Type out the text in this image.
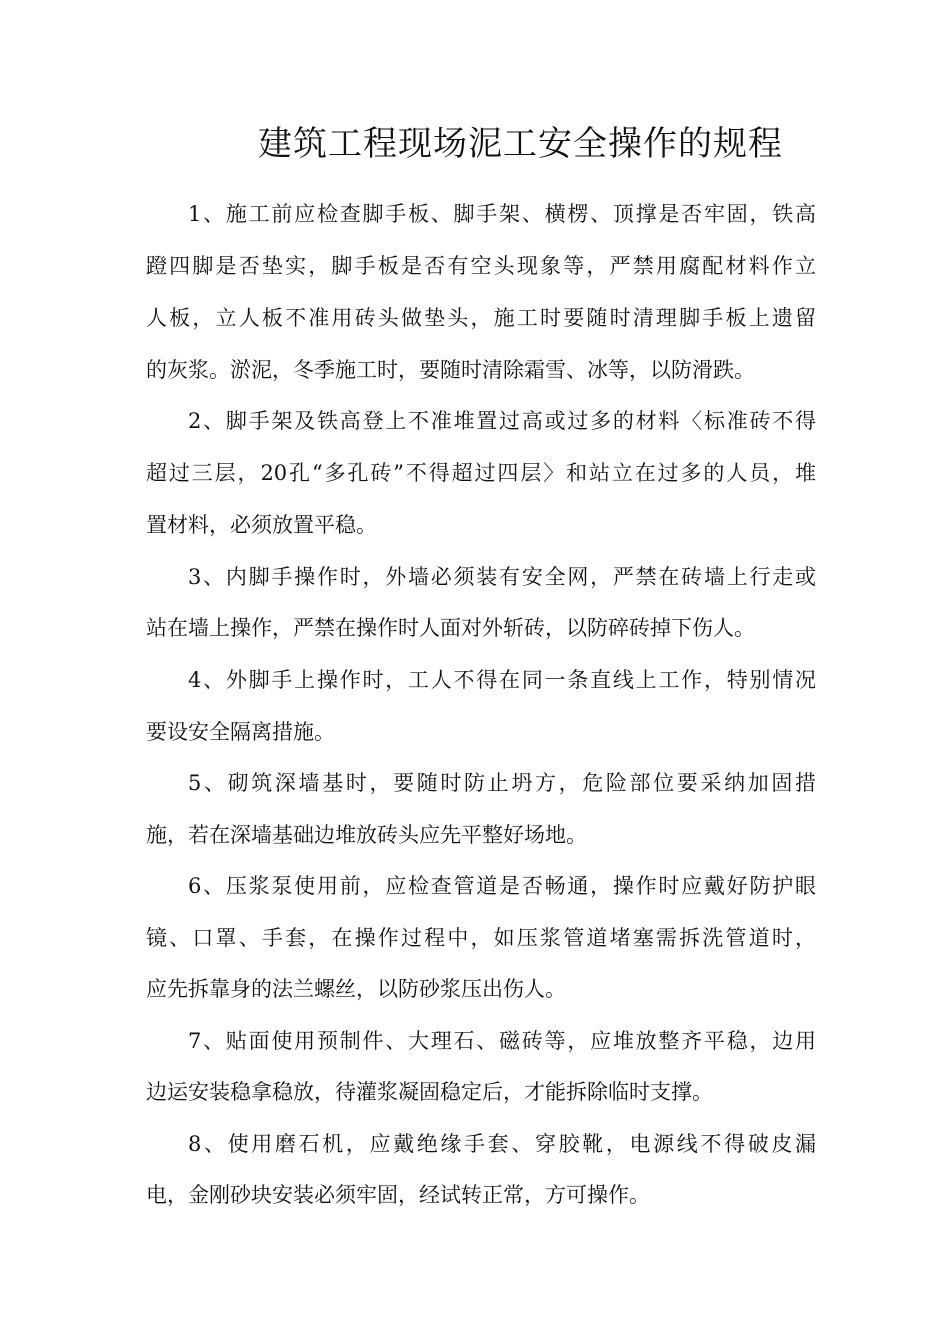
建筑工程现场泥工安全操作的规程
1、施工前应检查脚手板、脚手架、横楞、顶撑是否牢固，铁高
蹬四脚是否垫实，脚手板是否有空头现象等，严禁用腐配材料作立
人板，立人板不准用砖头做垫头，施工时要随时清理脚手板上遗留
的灰浆。淤泥，冬季施工时，要随时清除霜雪、冰等，以防滑跌。
2、脚手架及铁高登上不准堆置过高或过多的材料〈标准砖不得
超过三层，20孔“多孔砖”不得超过四层〉和站立在过多的人员，堆
置材料，必须放置平稳。
3、内脚手操作时，外墙必须装有安全网，严禁在砖墙上行走或
站在墙上操作，严禁在操作时人面对外斩砖，以防碎砖掉下伤人。
4、外脚手上操作时，工人不得在同一条直线上工作，特别情况
要设安全隔离措施。
5、砌筑深墙基时，要随时防止坍方，危险部位要采纳加固措
施，若在深墙基础边堆放砖头应先平整好场地。
6、压浆泵使用前，应检查管道是否畅通，操作时应戴好防护眼
镜、口罩、手套，在操作过程中，如压浆管道堵塞需拆洗管道时，
应先拆靠身的法兰螺丝，以防砂浆压出伤人。
7、贴面使用预制件、大理石、磁砖等，应堆放整齐平稳，边用
边运安装稳拿稳放，待灌浆凝固稳定后，才能拆除临时支撑。
8、使用磨石机，应戴绝缘手套、穿胶靴，电源线不得破皮漏
电，金刚砂块安装必须牢固，经试转正常，方可操作。
